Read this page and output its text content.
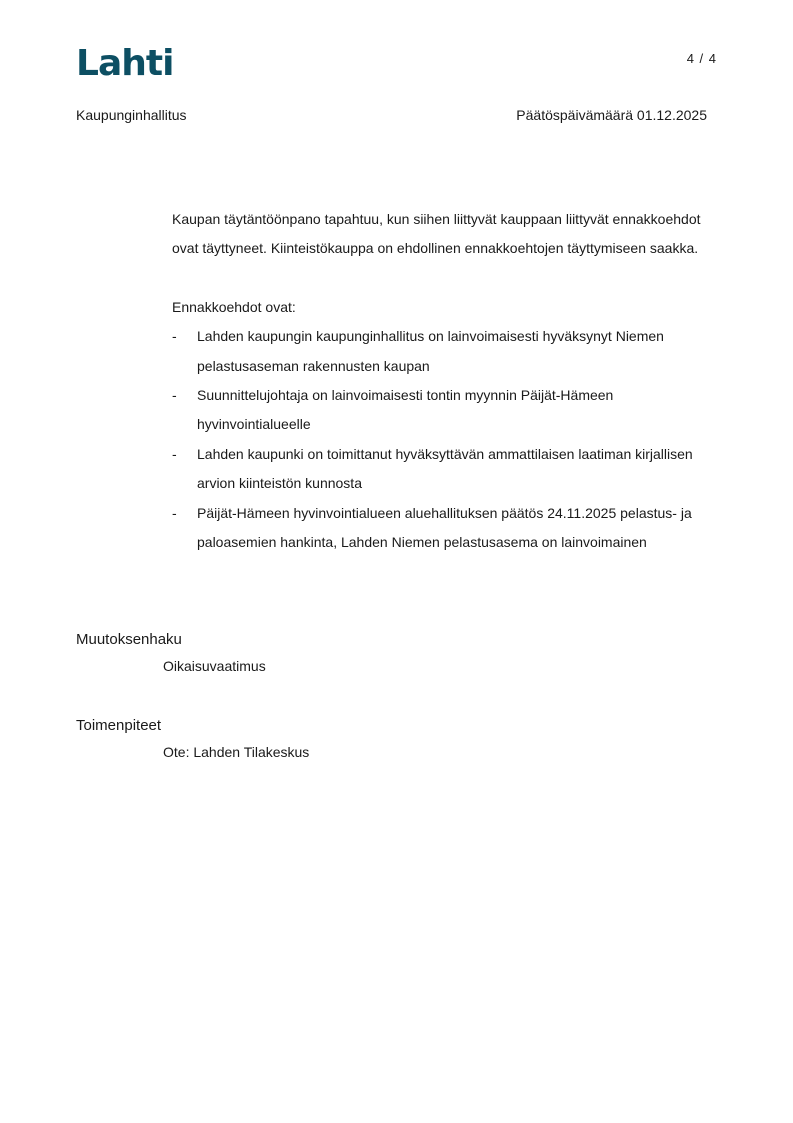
Lahti	4 / 4
Kaupunginhallitus	Päätöspäivämäärä 01.12.2025

Kaupan täytäntöönpano tapahtuu, kun siihen liittyvät kauppaan liittyvät ennakkoehdot ovat täyttyneet. Kiinteistökauppa on ehdollinen ennakkoehtojen täyttymiseen saakka.

Ennakkoehdot ovat:

- Lahden kaupungin kaupunginhallitus on lainvoimaisesti hyväksynyt Niemen pelastusaseman rakennusten kaupan
- Suunnittelujohtaja on lainvoimaisesti tontin myynnin Päijät-Hämeen hyvinvointialueelle
- Lahden kaupunki on toimittanut hyväksyttävän ammattilaisen laatiman kirjallisen arvion kiinteistön kunnosta
- Päijät-Hämeen hyvinvointialueen aluehallituksen päätös 24.11.2025 pelastus- ja paloasemien hankinta, Lahden Niemen pelastusasema on lainvoimainen
Muutoksenhaku
Oikaisuvaatimus
Toimenpiteet
Ote: Lahden Tilakeskus
